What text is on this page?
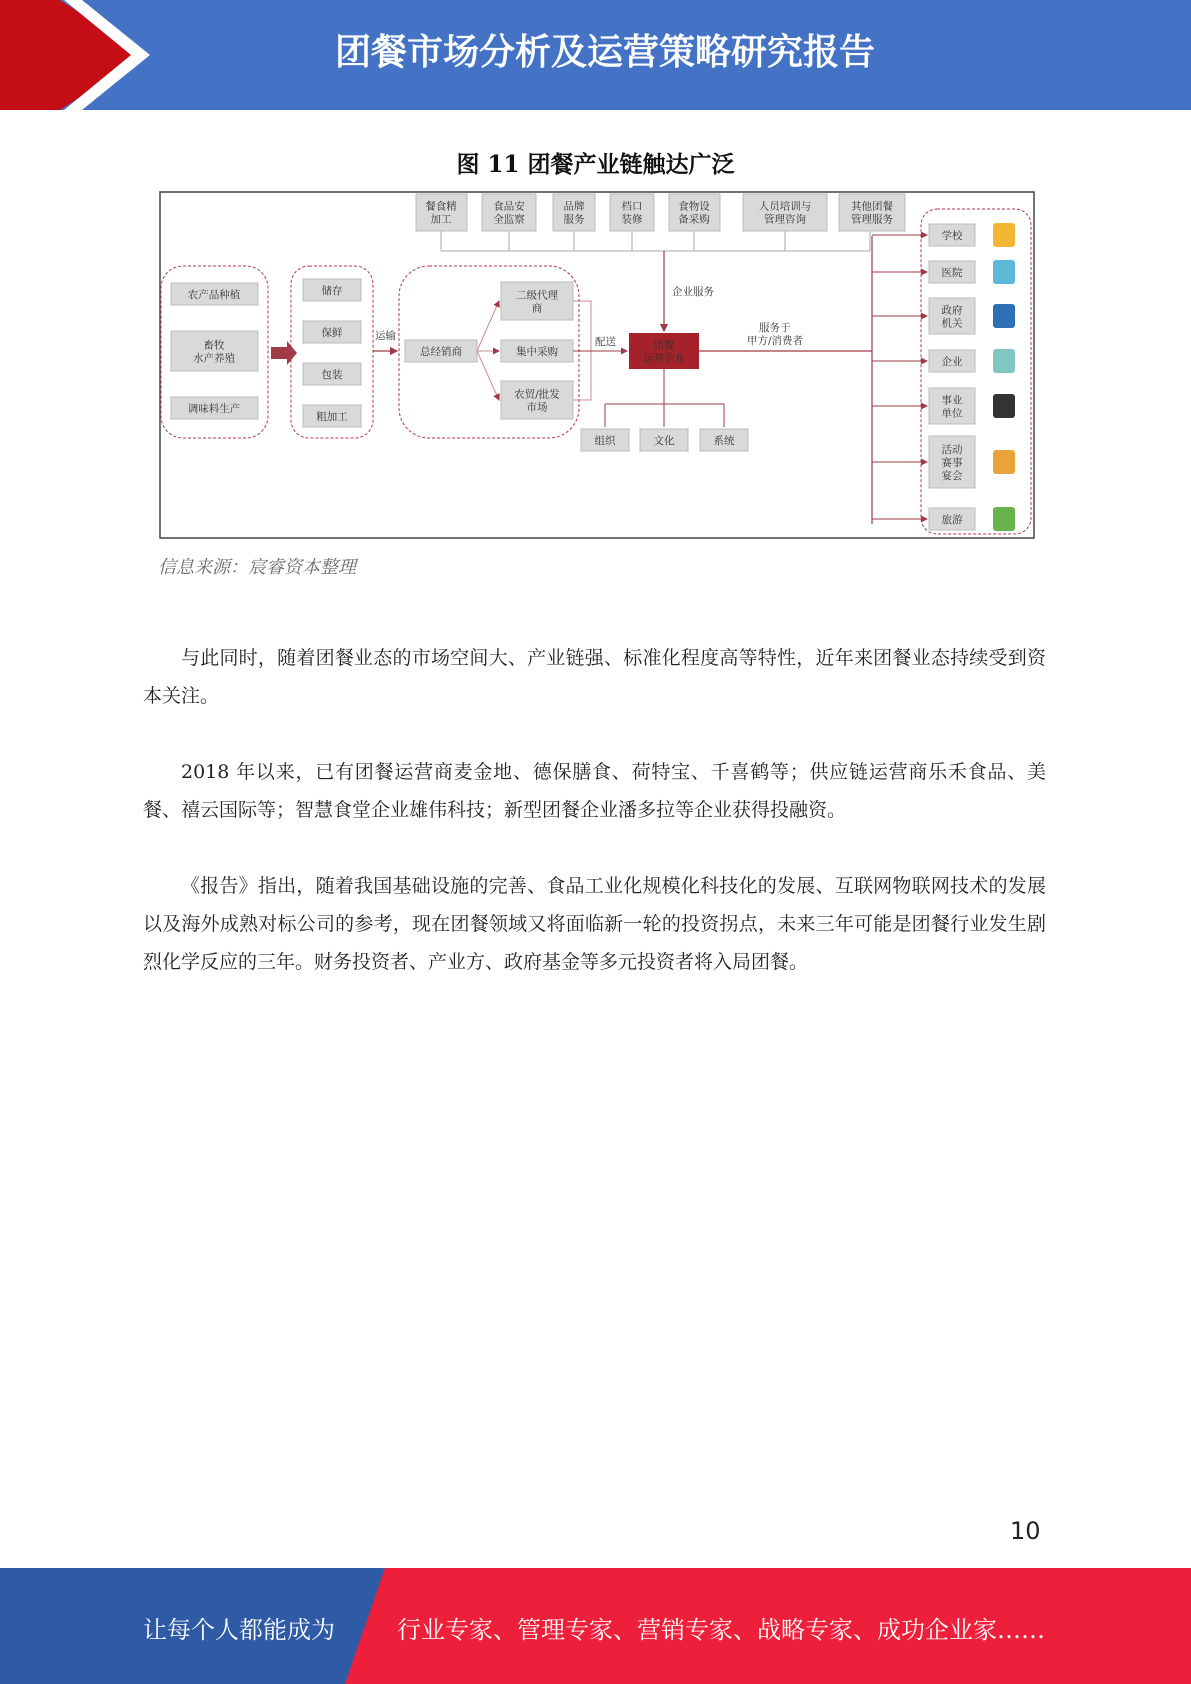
团餐市场分析及运营策略研究报告
图 11 团餐产业链触达广泛
企业服务
餐食精
加工
食品安
全监察
品牌
服务
档口
装修
食物设
备采购
人员培训与
管理咨询
其他团餐
管理服务
农产品种植
畜牧
水产养殖
调味料生产
储存
保鲜
包装
粗加工
运输
总经销商
二级代理
商
集中采购
农贸/批发
市场
配送	团餐
运营企业
服务于
甲方/消费者
组织	文化	系统
学校
医院
政府
机关
企业
事业
单位
活动
赛事
宴会
旅游
信息来源：宸睿资本整理

与此同时，随着团餐业态的市场空间大、产业链强、标准化程度高等特性，近年来团餐业态持续受到资本关注。

2018 年以来，已有团餐运营商麦金地、德保膳食、荷特宝、千喜鹤等；供应链运营商乐禾食品、美餐、禧云国际等；智慧食堂企业雄伟科技；新型团餐企业潘多拉等企业获得投融资。

《报告》指出，随着我国基础设施的完善、食品工业化规模化科技化的发展、互联网物联网技术的发展以及海外成熟对标公司的参考，现在团餐领域又将面临新一轮的投资拐点，未来三年可能是团餐行业发生剧烈化学反应的三年。财务投资者、产业方、政府基金等多元投资者将入局团餐。

10
让每个人都能成为	行业专家、管理专家、营销专家、战略专家、成功企业家……
